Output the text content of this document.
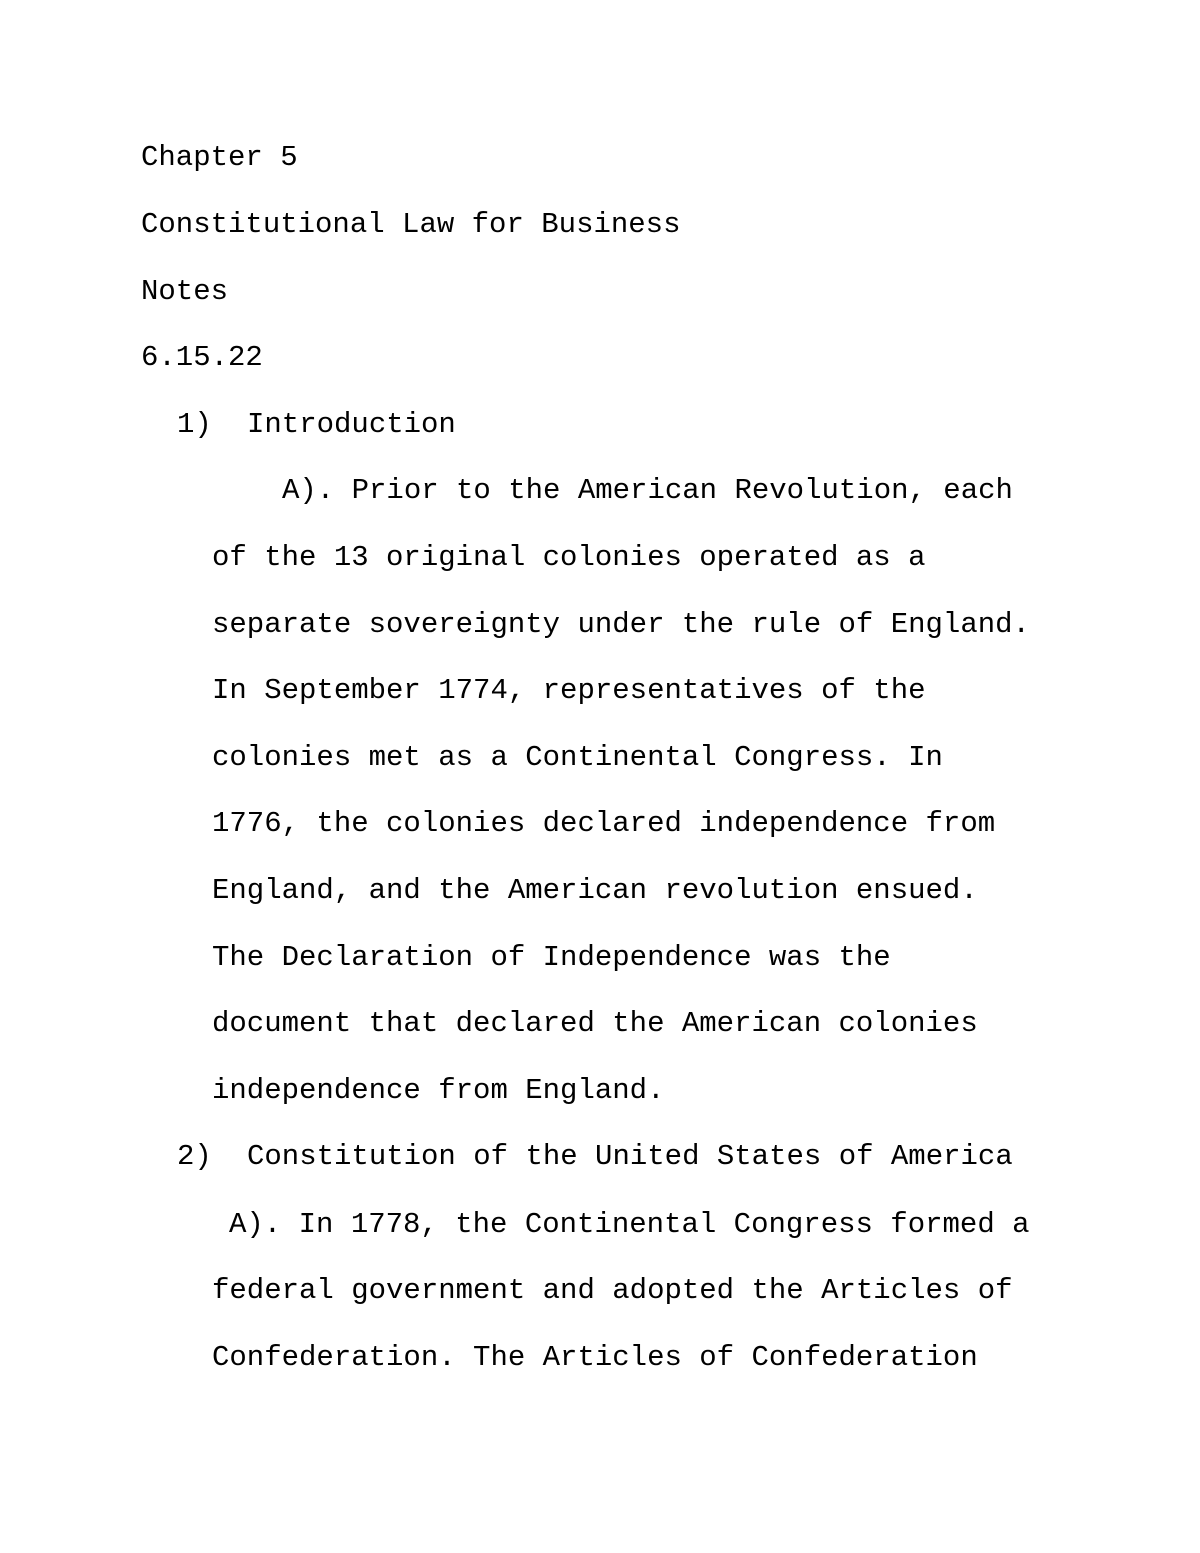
Chapter 5

Constitutional Law for Business

Notes

6.15.22

1)

Introduction

A). Prior to the American Revolution, each

of the 13 original colonies operated as a

separate sovereignty under the rule of England.

In September 1774, representatives of the

colonies met as a Continental Congress. In

1776, the colonies declared independence from

England, and the American revolution ensued.

The Declaration of Independence was the

document that declared the American colonies

independence from England.

2)

Constitution of the United States of America

A). In 1778, the Continental Congress formed a

federal government and adopted the Articles of

Confederation. The Articles of Confederation
